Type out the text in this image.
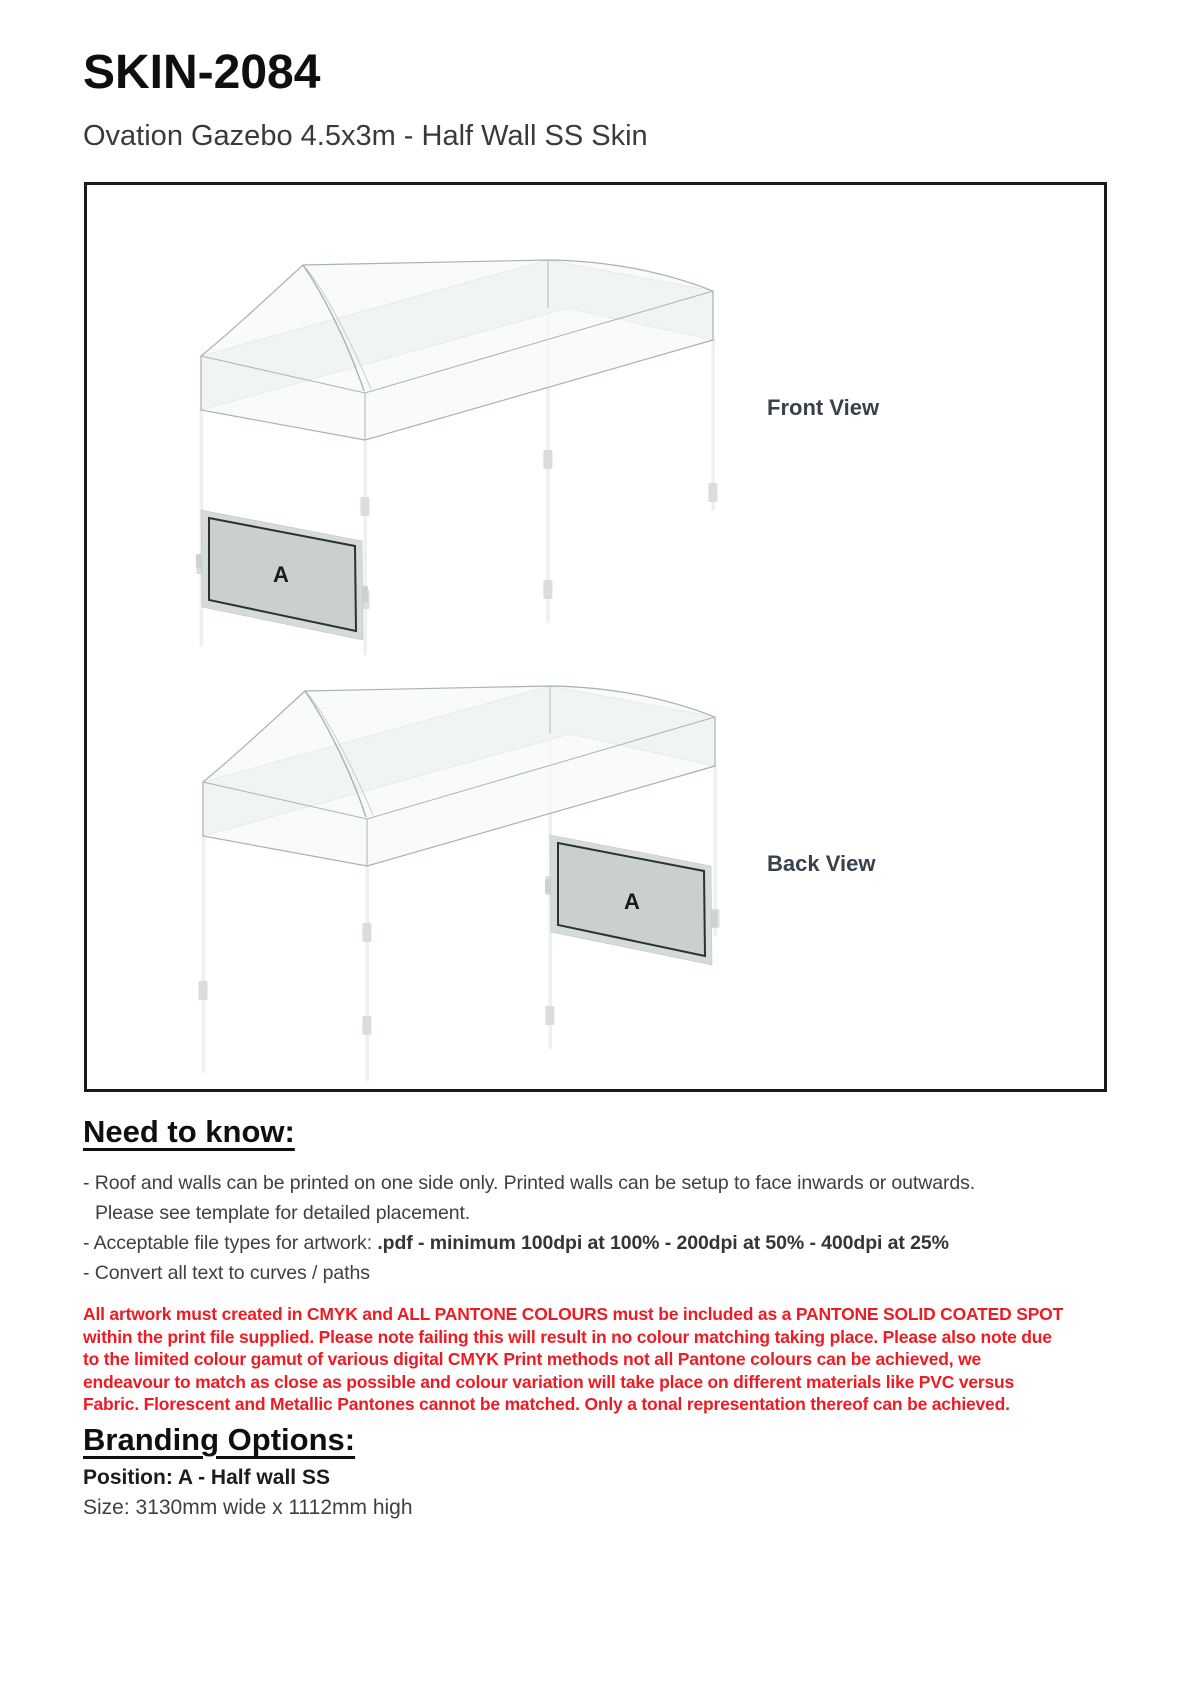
SKIN-2084
Ovation Gazebo 4.5x3m - Half Wall SS Skin
A
A
Front View
Back View
Need to know:
- Roof and walls can be printed on one side only. Printed walls can be setup to face inwards or outwards.
Please see template for detailed placement.
- Acceptable file types for artwork: .pdf - minimum 100dpi at 100% - 200dpi at 50% - 400dpi at 25%
- Convert all text to curves / paths
All artwork must created in CMYK and ALL PANTONE COLOURS must be included as a PANTONE SOLID COATED SPOT
within the print file supplied. Please note failing this will result in no colour matching taking place. Please also note due
to the limited colour gamut of various digital CMYK Print methods not all Pantone colours can be achieved, we
endeavour to match as close as possible and colour variation will take place on different materials like PVC versus
Fabric. Florescent and Metallic Pantones cannot be matched. Only a tonal representation thereof can be achieved.
Branding Options:
Position: A - Half wall SS
Size: 3130mm wide x 1112mm high
